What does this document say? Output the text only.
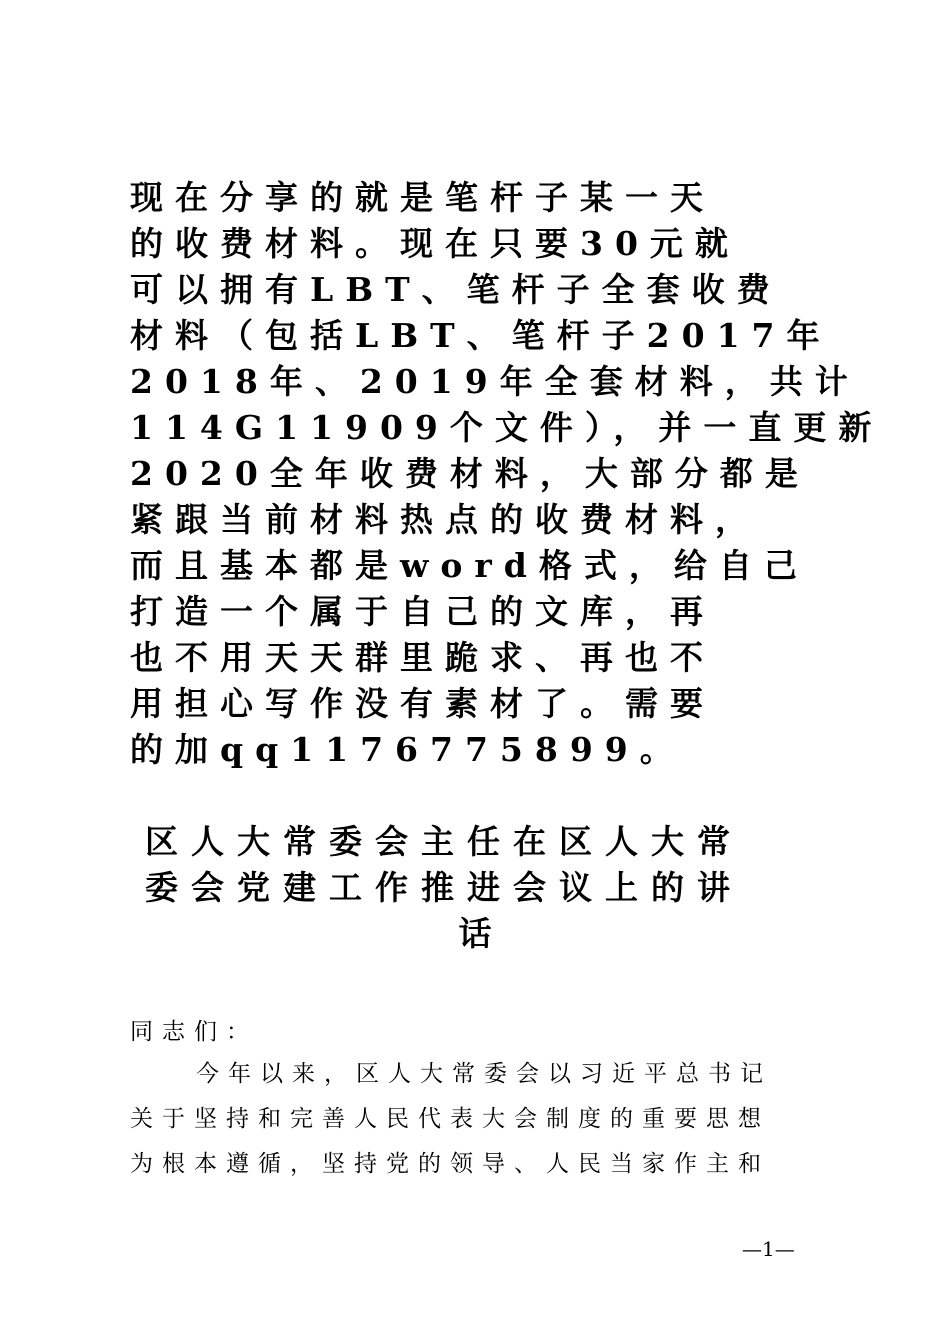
现在分享的就是笔杆子某一天
的收费材料。现在只要30元就
可以拥有LBT、笔杆子全套收费
材料（包括LBT、笔杆子2017年
2018年、2019年全套材料，共计
114G11909个文件），并一直更新
2020全年收费材料，大部分都是
紧跟当前材料热点的收费材料，
而且基本都是word格式，给自己
打造一个属于自己的文库，再
也不用天天群里跪求、再也不
用担心写作没有素材了。需要
的加qq1176775899。
区人大常委会主任在区人大常
委会党建工作推进会议上的讲
话
同志们：
今年以来，区人大常委会以习近平总书记
关于坚持和完善人民代表大会制度的重要思想
为根本遵循，坚持党的领导、人民当家作主和
—1—
